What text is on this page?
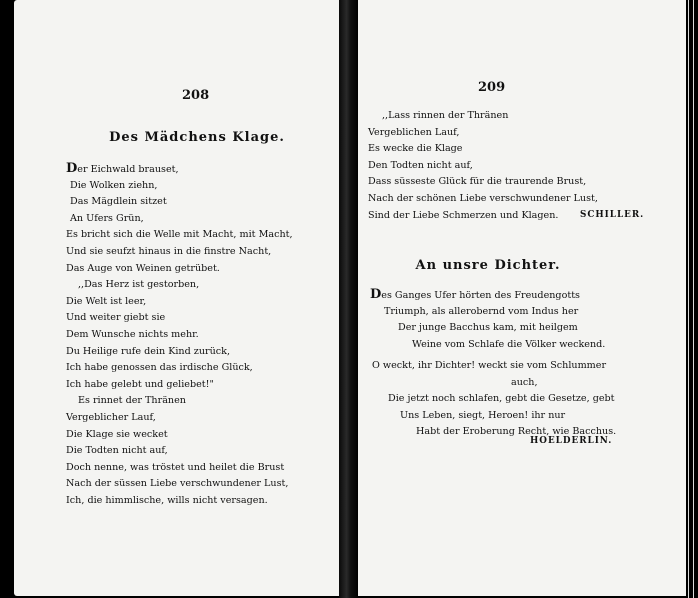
208
Des Mädchens Klage.
Der Eichwald brauset,
Die Wolken ziehn,
Das Mägdlein sitzet
An Ufers Grün,
Es bricht sich die Welle mit Macht, mit Macht,
Und sie seufzt hinaus in die finstre Nacht,
Das Auge von Weinen getrübet.
,,Das Herz ist gestorben,
Die Welt ist leer,
Und weiter giebt sie
Dem Wunsche nichts mehr.
Du Heilige rufe dein Kind zurück,
Ich habe genossen das irdische Glück,
Ich habe gelebt und geliebet!"
Es rinnet der Thränen
Vergeblicher Lauf,
Die Klage sie wecket
Die Todten nicht auf,
Doch nenne, was tröstet und heilet die Brust
Nach der süssen Liebe verschwundener Lust,
Ich, die himmlische, wills nicht versagen.
209
,,Lass rinnen der Thränen
Vergeblichen Lauf,
Es wecke die Klage
Den Todten nicht auf,
Dass süsseste Glück für die traurende Brust,
Nach der schönen Liebe verschwundener Lust,
Sind der Liebe Schmerzen und Klagen.	SCHILLER.
An unsre Dichter.
Des Ganges Ufer hörten des Freudengotts
Triumph, als allerobernd vom Indus her
Der junge Bacchus kam, mit heilgem
Weine vom Schlafe die Völker weckend.
O weckt, ihr Dichter! weckt sie vom Schlummer
auch,
Die jetzt noch schlafen, gebt die Gesetze, gebt
Uns Leben, siegt, Heroen! ihr nur
Habt der Eroberung Recht, wie Bacchus.
HOELDERLIN.
